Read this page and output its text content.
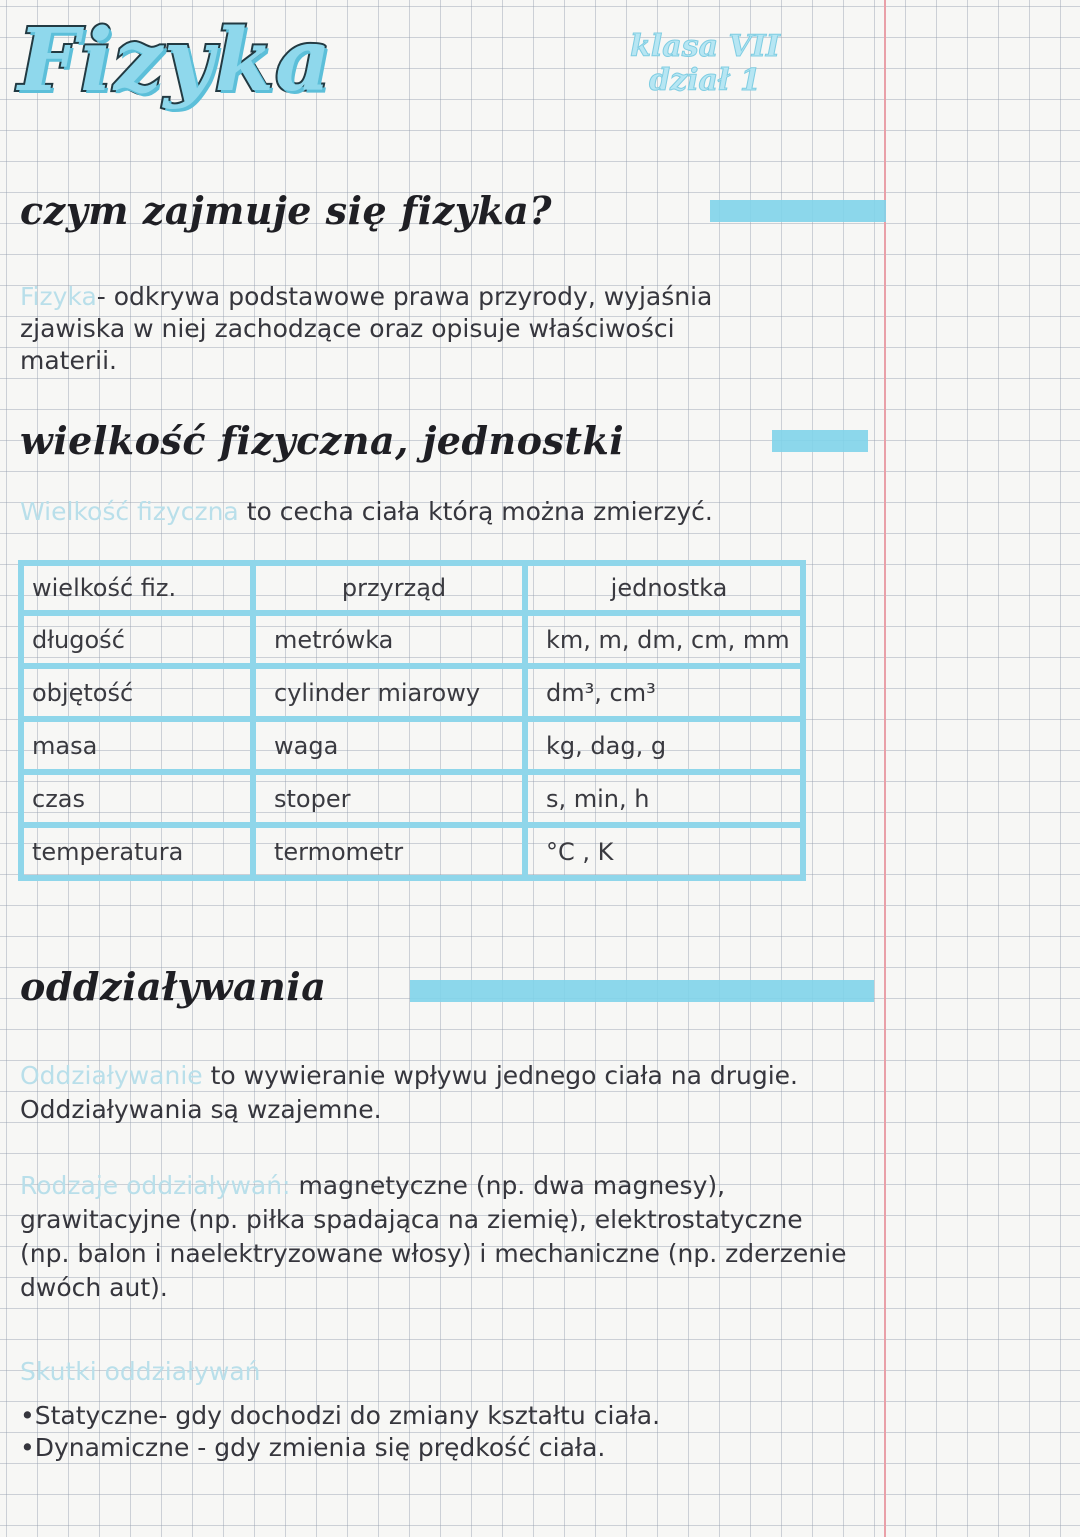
Fizyka	klasa VII
dział 1
czym zajmuje się fizyka?
Fizyka- odkrywa podstawowe prawa przyrody, wyjaśnia
zjawiska w niej zachodzące oraz opisuje właściwości
materii.
wielkość fizyczna, jednostki
Wielkość fizyczna to cecha ciała którą można zmierzyć.
wielkość fiz.	przyrząd	jednostka
długość	metrówka	km, m, dm, cm, mm
objętość	cylinder miarowy	dm³, cm³
masa	waga	kg, dag, g
czas	stoper	s, min, h
temperatura	termometr	°C , K
oddziaływania
Oddziaływanie to wywieranie wpływu jednego ciała na drugie.
Oddziaływania są wzajemne.
Rodzaje oddziaływań: magnetyczne (np. dwa magnesy),
grawitacyjne (np. piłka spadająca na ziemię), elektrostatyczne
(np. balon i naelektryzowane włosy) i mechaniczne (np. zderzenie
dwóch aut).
Skutki oddziaływań
•Statyczne- gdy dochodzi do zmiany kształtu ciała.
•Dynamiczne - gdy zmienia się prędkość ciała.
